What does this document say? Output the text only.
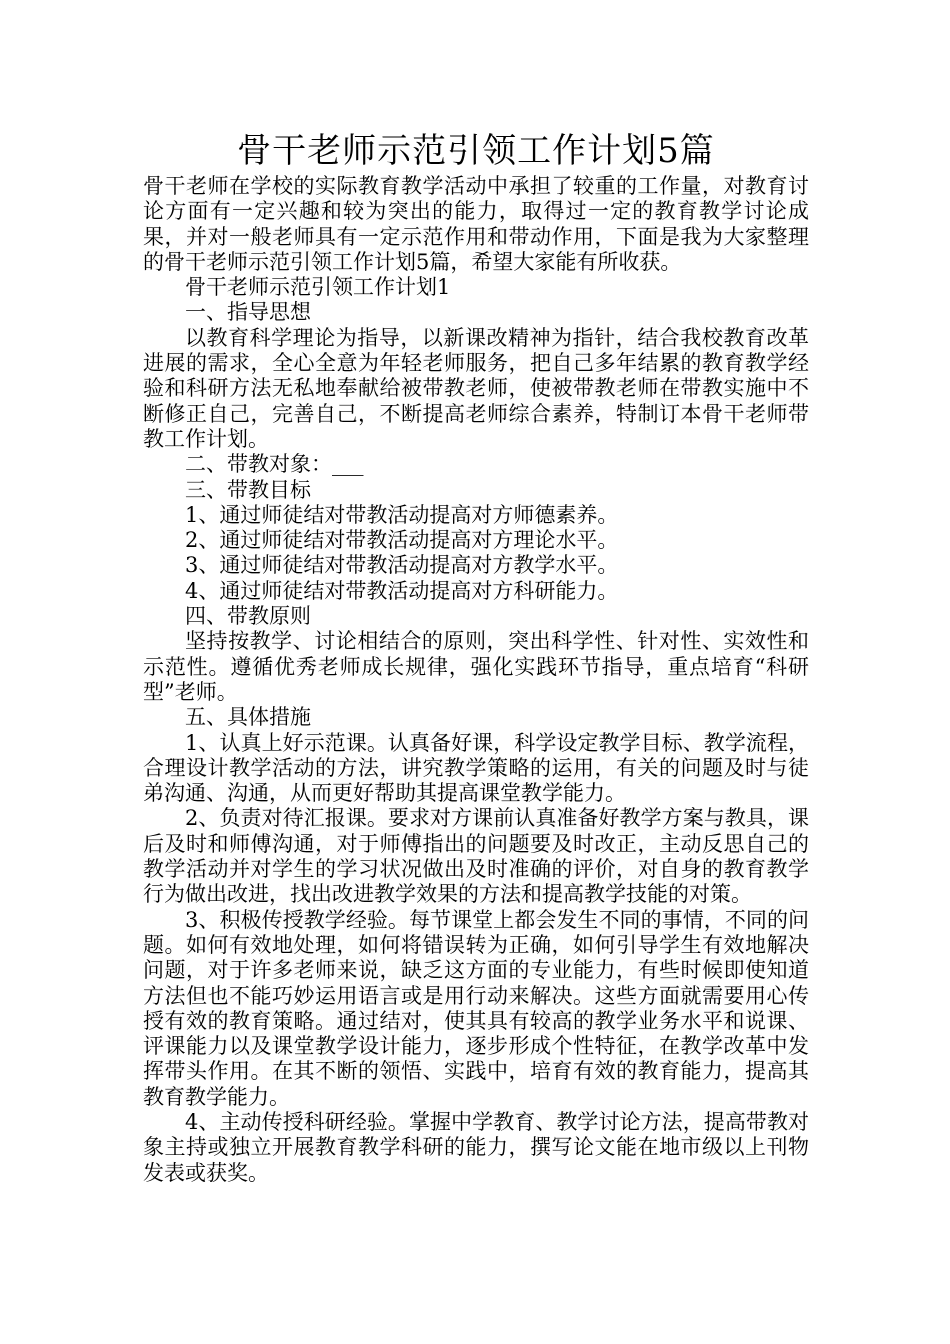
骨干老师示范引领工作计划5篇

骨干老师在学校的实际教育教学活动中承担了较重的工作量，对教育讨论方面有一定兴趣和较为突出的能力，取得过一定的教育教学讨论成果，并对一般老师具有一定示范作用和带动作用，下面是我为大家整理的骨干老师示范引领工作计划5篇，希望大家能有所收获。

骨干老师示范引领工作计划1

一、指导思想

以教育科学理论为指导，以新课改精神为指针，结合我校教育改革进展的需求，全心全意为年轻老师服务，把自己多年结累的教育教学经验和科研方法无私地奉献给被带教老师，使被带教老师在带教实施中不断修正自己，完善自己，不断提高老师综合素养，特制订本骨干老师带教工作计划。

二、带教对象：___

三、带教目标

1、通过师徒结对带教活动提高对方师德素养。

2、通过师徒结对带教活动提高对方理论水平。

3、通过师徒结对带教活动提高对方教学水平。

4、通过师徒结对带教活动提高对方科研能力。

四、带教原则

坚持按教学、讨论相结合的原则，突出科学性、针对性、实效性和示范性。遵循优秀老师成长规律，强化实践环节指导，重点培育“科研型”老师。

五、具体措施

1、认真上好示范课。认真备好课，科学设定教学目标、教学流程，合理设计教学活动的方法，讲究教学策略的运用，有关的问题及时与徒弟沟通、沟通，从而更好帮助其提高课堂教学能力。

2、负责对待汇报课。要求对方课前认真准备好教学方案与教具，课后及时和师傅沟通，对于师傅指出的问题要及时改正，主动反思自己的教学活动并对学生的学习状况做出及时准确的评价，对自身的教育教学行为做出改进，找出改进教学效果的方法和提高教学技能的对策。

3、积极传授教学经验。每节课堂上都会发生不同的事情，不同的问题。如何有效地处理，如何将错误转为正确，如何引导学生有效地解决问题，对于许多老师来说，缺乏这方面的专业能力，有些时候即使知道方法但也不能巧妙运用语言或是用行动来解决。这些方面就需要用心传授有效的教育策略。通过结对，使其具有较高的教学业务水平和说课、评课能力以及课堂教学设计能力，逐步形成个性特征，在教学改革中发挥带头作用。在其不断的领悟、实践中，培育有效的教育能力，提高其教育教学能力。

4、主动传授科研经验。掌握中学教育、教学讨论方法，提高带教对象主持或独立开展教育教学科研的能力，撰写论文能在地市级以上刊物发表或获奖。
